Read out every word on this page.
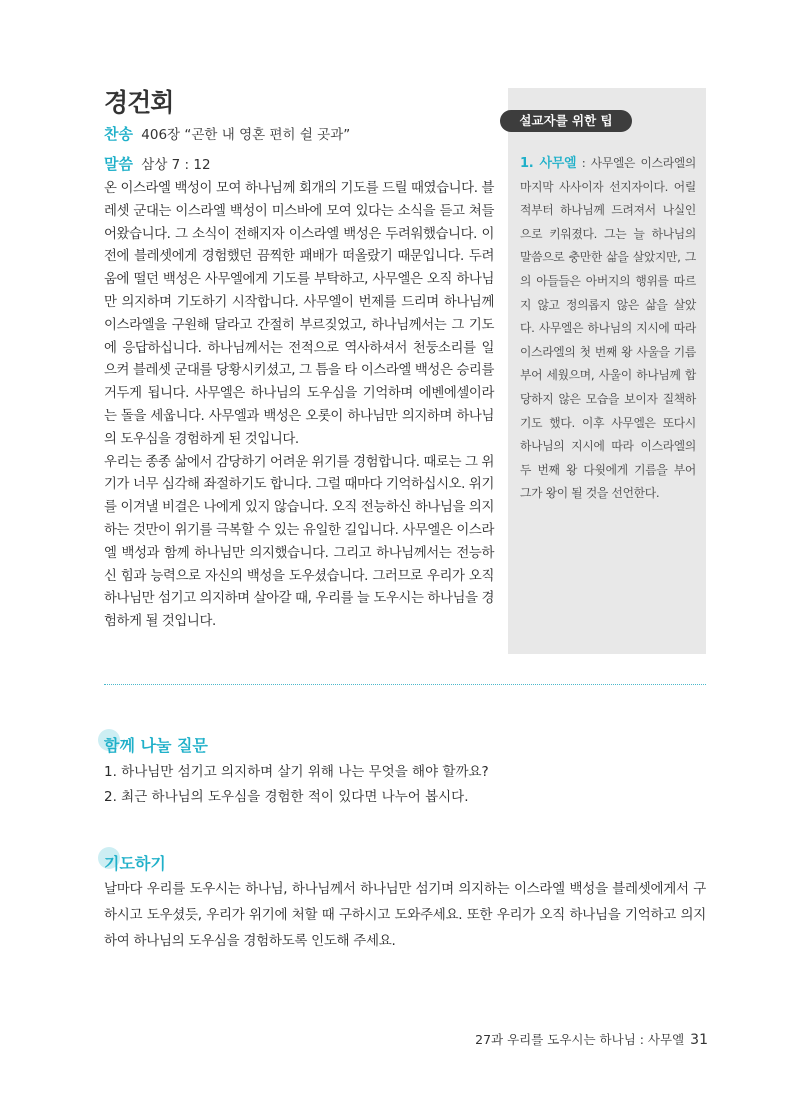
경건회
찬송 406장 “곤한 내 영혼 편히 쉴 곳과”
말씀 삼상 7 : 12

온 이스라엘 백성이 모여 하나님께 회개의 기도를 드릴 때였습니다. 블레셋 군대는 이스라엘 백성이 미스바에 모여 있다는 소식을 듣고 쳐들어왔습니다. 그 소식이 전해지자 이스라엘 백성은 두려워했습니다. 이전에 블레셋에게 경험했던 끔찍한 패배가 떠올랐기 때문입니다. 두려움에 떨던 백성은 사무엘에게 기도를 부탁하고, 사무엘은 오직 하나님만 의지하며 기도하기 시작합니다. 사무엘이 번제를 드리며 하나님께 이스라엘을 구원해 달라고 간절히 부르짖었고, 하나님께서는 그 기도에 응답하십니다. 하나님께서는 전적으로 역사하셔서 천둥소리를 일으켜 블레셋 군대를 당황시키셨고, 그 틈을 타 이스라엘 백성은 승리를 거두게 됩니다. 사무엘은 하나님의 도우심을 기억하며 에벤에셀이라는 돌을 세웁니다. 사무엘과 백성은 오롯이 하나님만 의지하며 하나님의 도우심을 경험하게 된 것입니다.

우리는 종종 삶에서 감당하기 어려운 위기를 경험합니다. 때로는 그 위기가 너무 심각해 좌절하기도 합니다. 그럴 때마다 기억하십시오. 위기를 이겨낼 비결은 나에게 있지 않습니다. 오직 전능하신 하나님을 의지하는 것만이 위기를 극복할 수 있는 유일한 길입니다. 사무엘은 이스라엘 백성과 함께 하나님만 의지했습니다. 그리고 하나님께서는 전능하신 힘과 능력으로 자신의 백성을 도우셨습니다. 그러므로 우리가 오직 하나님만 섬기고 의지하며 살아갈 때, 우리를 늘 도우시는 하나님을 경험하게 될 것입니다.

설교자를 위한 팁
1. 사무엘 : 사무엘은 이스라엘의 마지막 사사이자 선지자이다. 어릴 적부터 하나님께 드려져서 나실인으로 키워졌다. 그는 늘 하나님의 말씀으로 충만한 삶을 살았지만, 그의 아들들은 아버지의 행위를 따르지 않고 정의롭지 않은 삶을 살았다. 사무엘은 하나님의 지시에 따라 이스라엘의 첫 번째 왕 사울을 기름 부어 세웠으며, 사울이 하나님께 합당하지 않은 모습을 보이자 질책하기도 했다. 이후 사무엘은 또다시 하나님의 지시에 따라 이스라엘의 두 번째 왕 다윗에게 기름을 부어 그가 왕이 될 것을 선언한다.
함께 나눌 질문
1. 하나님만 섬기고 의지하며 살기 위해 나는 무엇을 해야 할까요?
2. 최근 하나님의 도우심을 경험한 적이 있다면 나누어 봅시다.
기도하기
날마다 우리를 도우시는 하나님, 하나님께서 하나님만 섬기며 의지하는 이스라엘 백성을 블레셋에게서 구하시고 도우셨듯, 우리가 위기에 처할 때 구하시고 도와주세요. 또한 우리가 오직 하나님을 기억하고 의지하여 하나님의 도우심을 경험하도록 인도해 주세요.
27과 우리를 도우시는 하나님 : 사무엘 31
